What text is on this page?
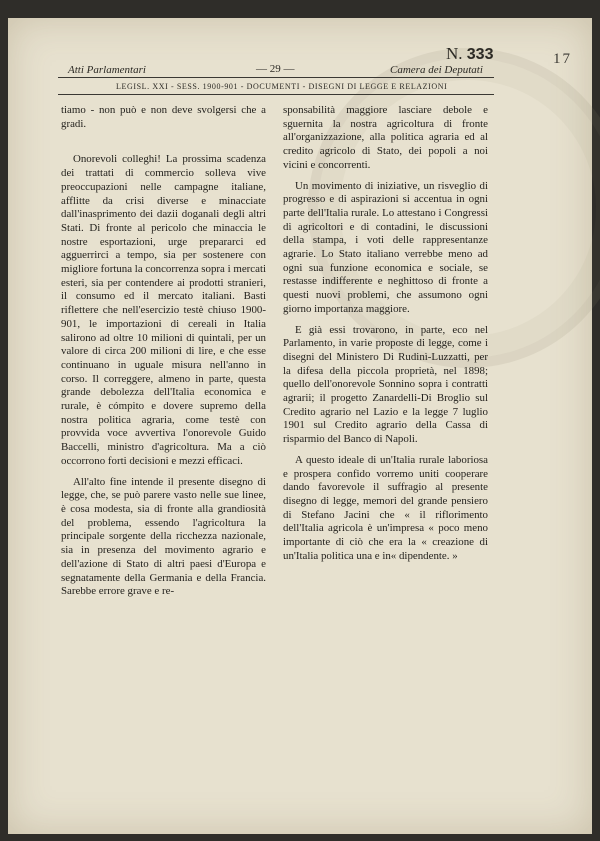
N. 333	17
Atti Parlamentari	— 29 —	Camera dei Deputati
LEGISL. XXI - SESS. 1900-901 - DOCUMENTI - DISEGNI DI LEGGE E RELAZIONI

tiamo - non può e non deve svolgersi che a gradi.

Onorevoli colleghi! La prossima scadenza dei trattati di commercio solleva vive preoccupazioni nelle campagne italiane, afflitte da crisi diverse e minacciate dall'inasprimento dei dazii doganali degli altri Stati. Di fronte al pericolo che minaccia le nostre esportazioni, urge prepararci ed agguerrirci a tempo, sia per sostenere con migliore fortuna la concorrenza sopra i mercati esteri, sia per contendere ai prodotti stranieri, il consumo ed il mercato italiani. Basti riflettere che nell'esercizio testè chiuso 1900-901, le importazioni di cereali in Italia salirono ad oltre 10 milioni di quintali, per un valore di circa 200 milioni di lire, e che esse continuano in uguale misura nell'anno in corso. Il correggere, almeno in parte, questa grande debolezza dell'Italia economica e rurale, è cómpito e dovere supremo della nostra politica agraria, come testè con provvida voce avvertiva l'onorevole Guido Baccelli, ministro d'agricoltura. Ma a ciò occorrono forti decisioni e mezzi efficaci.

All'alto fine intende il presente disegno di legge, che, se può parere vasto nelle sue linee, è cosa modesta, sia di fronte alla grandiosità del problema, essendo l'agricoltura la principale sorgente della ricchezza nazionale, sia in presenza del movimento agrario e dell'azione di Stato di altri paesi d'Europa e segnatamente della Germania e della Francia. Sarebbe errore grave e re-

sponsabilità maggiore lasciare debole e sguernita la nostra agricoltura di fronte all'organizzazione, alla politica agraria ed al credito agricolo di Stato, dei popoli a noi vicini e concorrenti.

Un movimento di iniziative, un risveglio di progresso e di aspirazioni si accentua in ogni parte dell'Italia rurale. Lo attestano i Congressi di agricoltori e di contadini, le discussioni della stampa, i voti delle rappresentanze agrarie. Lo Stato italiano verrebbe meno ad ogni sua funzione economica e sociale, se restasse indifferente e neghittoso di fronte a questi nuovi problemi, che assumono ogni giorno importanza maggiore.

E già essi trovarono, in parte, eco nel Parlamento, in varie proposte di legge, come i disegni del Ministero Di Rudinì-Luzzatti, per la difesa della piccola proprietà, nel 1898; quello dell'onorevole Sonnino sopra i contratti agrarii; il progetto Zanardelli-Di Broglio sul Credito agrario nel Lazio e la legge 7 luglio 1901 sul Credito agrario della Cassa di risparmio del Banco di Napoli.

A questo ideale di un'Italia rurale laboriosa e prospera confido vorremo uniti cooperare dando favorevole il suffragio al presente disegno di legge, memori del grande pensiero di Stefano Jacini che « il riflorimento dell'Italia agricola è un'impresa « poco meno importante di ciò che era la « creazione di un'Italia politica una e in« dipendente. »
